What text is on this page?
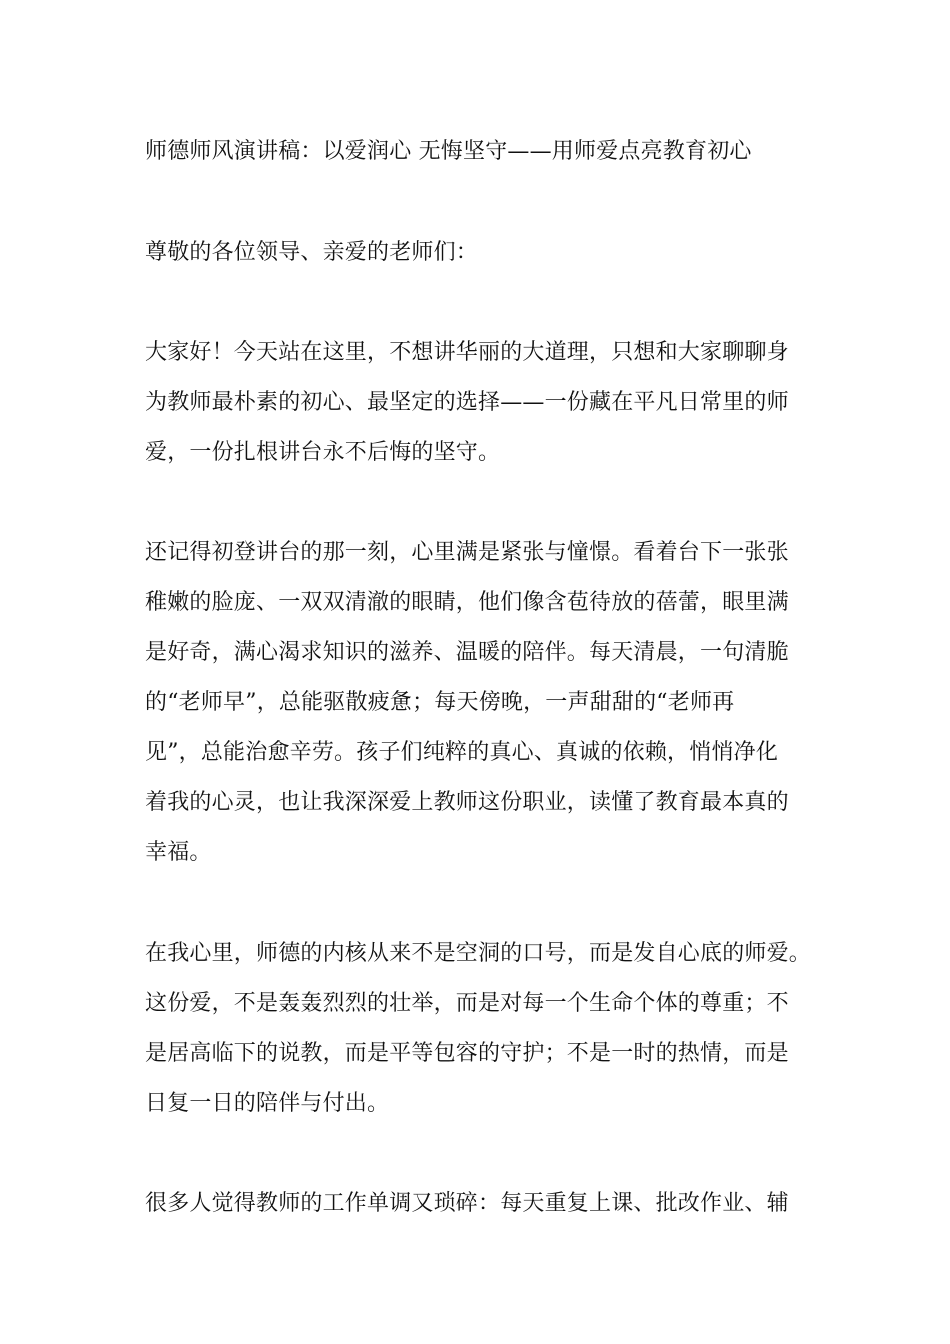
师德师风演讲稿：以爱润心 无悔坚守——用师爱点亮教育初心
尊敬的各位领导、亲爱的老师们：
大家好！今天站在这里，不想讲华丽的大道理，只想和大家聊聊身
为教师最朴素的初心、最坚定的选择——一份藏在平凡日常里的师
爱，一份扎根讲台永不后悔的坚守。
还记得初登讲台的那一刻，心里满是紧张与憧憬。看着台下一张张
稚嫩的脸庞、一双双清澈的眼睛，他们像含苞待放的蓓蕾，眼里满
是好奇，满心渴求知识的滋养、温暖的陪伴。每天清晨，一句清脆
的“老师早”，总能驱散疲惫；每天傍晚，一声甜甜的“老师再
见”，总能治愈辛劳。孩子们纯粹的真心、真诚的依赖，悄悄净化
着我的心灵，也让我深深爱上教师这份职业，读懂了教育最本真的
幸福。
在我心里，师德的内核从来不是空洞的口号，而是发自心底的师爱。
这份爱，不是轰轰烈烈的壮举，而是对每一个生命个体的尊重；不
是居高临下的说教，而是平等包容的守护；不是一时的热情，而是
日复一日的陪伴与付出。
很多人觉得教师的工作单调又琐碎：每天重复上课、批改作业、辅
